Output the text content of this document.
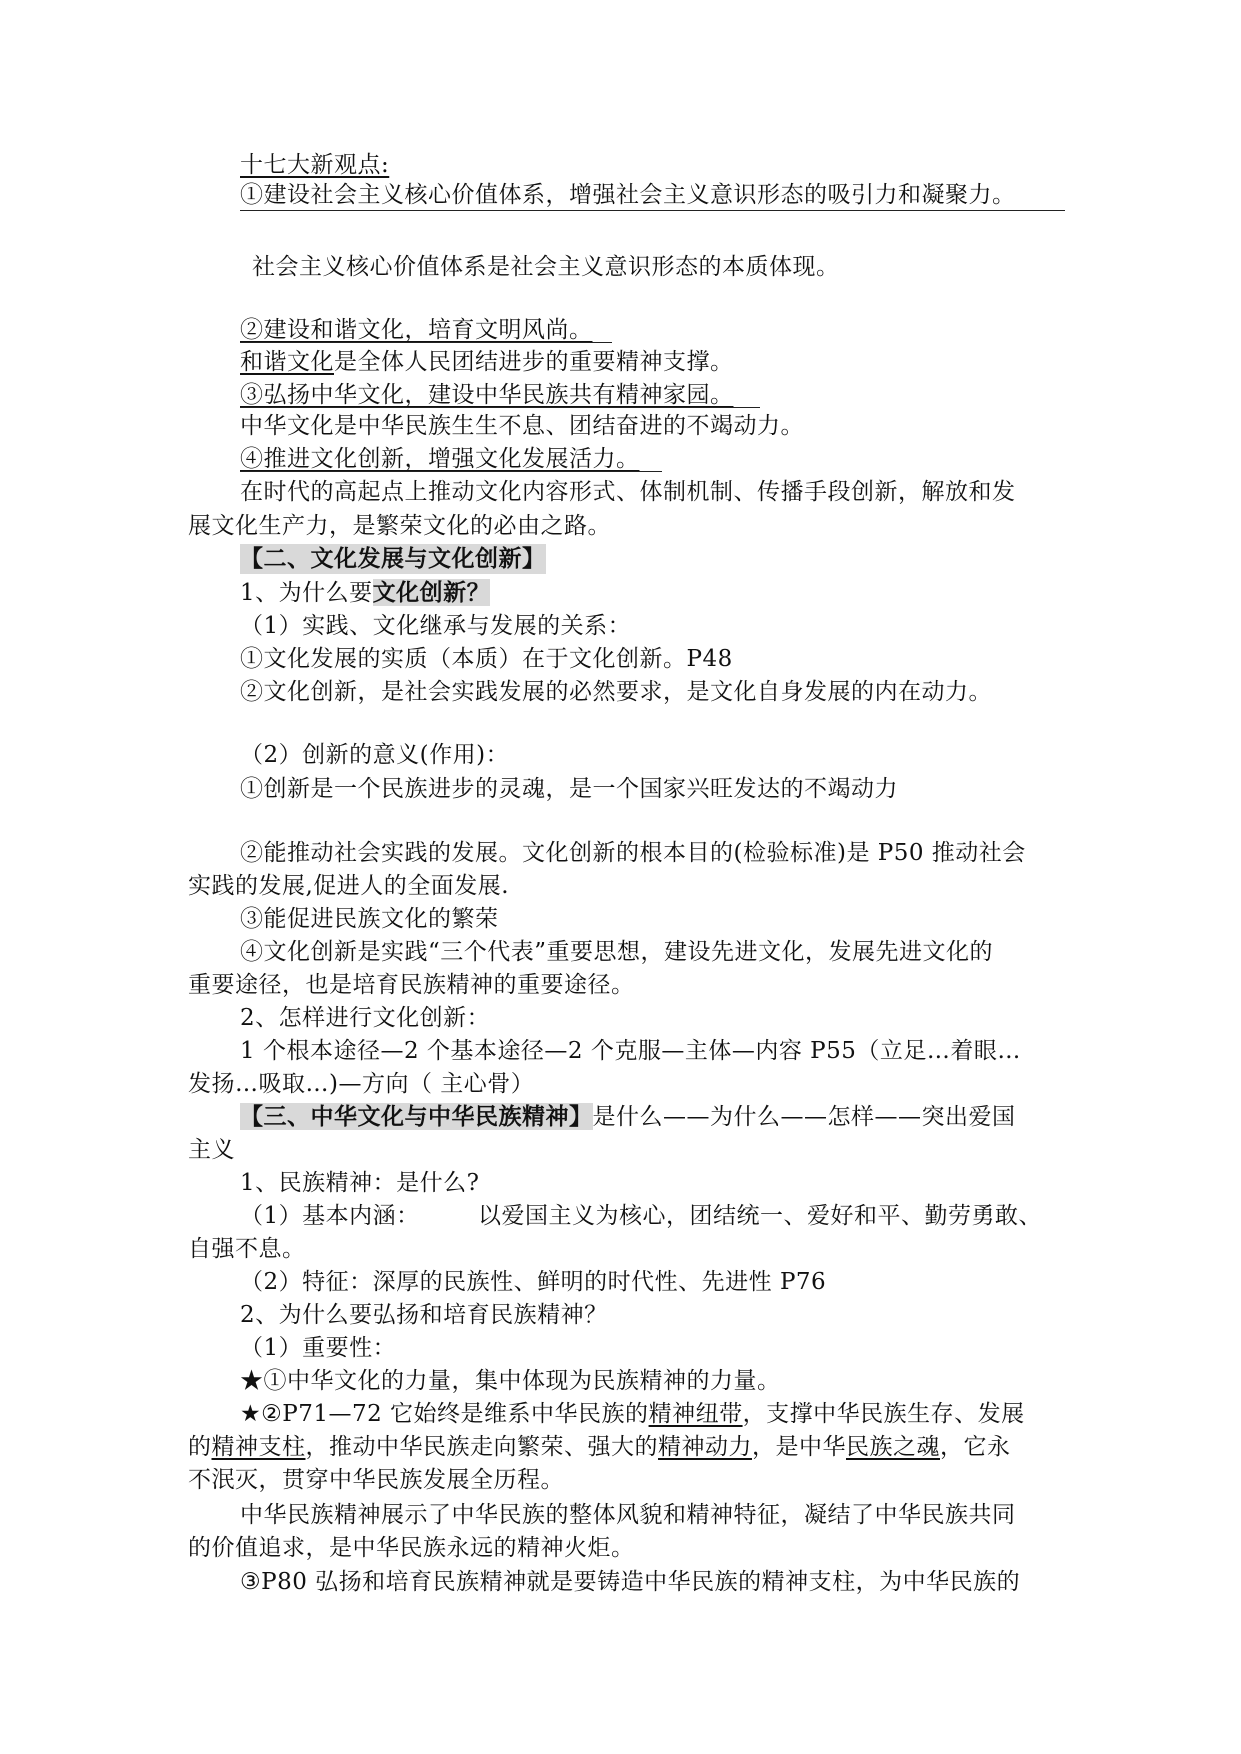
十七大新观点:
①建设社会主义核心价值体系，增强社会主义意识形态的吸引力和凝聚力。
社会主义核心价值体系是社会主义意识形态的本质体现。
②建设和谐文化，培育文明风尚。
和谐文化是全体人民团结进步的重要精神支撑。
③弘扬中华文化，建设中华民族共有精神家园。
中华文化是中华民族生生不息、团结奋进的不竭动力。
④推进文化创新，增强文化发展活力。
在时代的高起点上推动文化内容形式、体制机制、传播手段创新，解放和发
展文化生产力，是繁荣文化的必由之路。
【二、文化发展与文化创新】
1、为什么要文化创新？
（1）实践、文化继承与发展的关系：
①文化发展的实质（本质）在于文化创新。P48
②文化创新，是社会实践发展的必然要求，是文化自身发展的内在动力。
（2）创新的意义(作用)：
①创新是一个民族进步的灵魂，是一个国家兴旺发达的不竭动力
②能推动社会实践的发展。文化创新的根本目的(检验标准)是 P50 推动社会
实践的发展,促进人的全面发展.
③能促进民族文化的繁荣
④文化创新是实践“三个代表”重要思想，建设先进文化，发展先进文化的
重要途径，也是培育民族精神的重要途径。
2、怎样进行文化创新：
1 个根本途径—2 个基本途径—2 个克服—主体—内容 P55（立足…着眼…
发扬…吸取…)—方向（ 主心骨）
【三、中华文化与中华民族精神】是什么——为什么——怎样——突出爱国
主义
1、民族精神：是什么?
（1）基本内涵：	以爱国主义为核心，团结统一、爱好和平、勤劳勇敢、
自强不息。
（2）特征：深厚的民族性、鲜明的时代性、先进性 P76
2、为什么要弘扬和培育民族精神？
（1）重要性：
★①中华文化的力量，集中体现为民族精神的力量。
★②P71—72 它始终是维系中华民族的精神纽带，支撑中华民族生存、发展
的精神支柱，推动中华民族走向繁荣、强大的精神动力，是中华民族之魂，它永
不泯灭，贯穿中华民族发展全历程。
中华民族精神展示了中华民族的整体风貌和精神特征，凝结了中华民族共同
的价值追求，是中华民族永远的精神火炬。
③P80 弘扬和培育民族精神就是要铸造中华民族的精神支柱，为中华民族的
